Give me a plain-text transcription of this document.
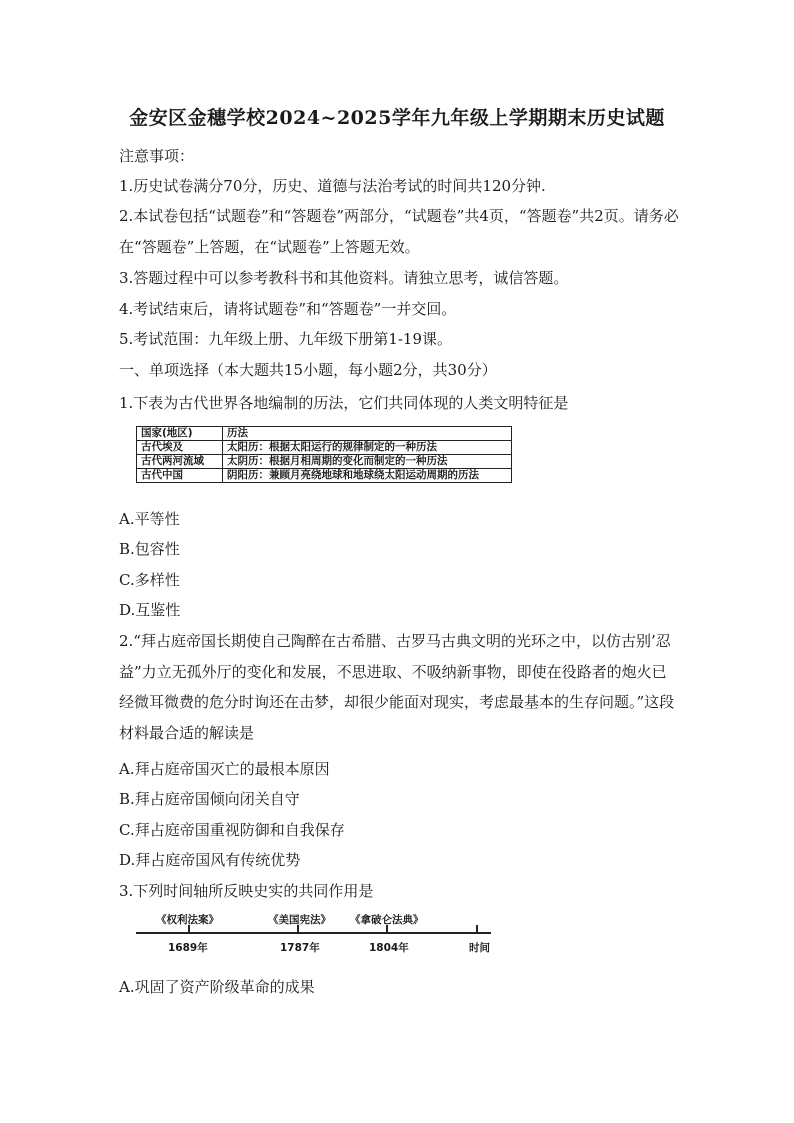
金安区金穗学校2024~2025学年九年级上学期期末历史试题
注意事项：
1.历史试卷满分70分，历史、道德与法治考试的时间共120分钟.
2.本试卷包括“试题卷”和“答题卷”两部分，“试题卷”共4页，“答题卷”共2页。请务必在“答题卷”上答题，在“试题卷”上答题无效。
3.答题过程中可以参考教科书和其他资料。请独立思考，诚信答题。
4.考试结束后，请将试题卷”和“答题卷”一并交回。
5.考试范围：九年级上册、九年级下册第1-19课。
一、单项选择（本大题共15小题，每小题2分，共30分）
1.下表为古代世界各地编制的历法，它们共同体现的人类文明特征是
国家(地区)	历法
古代埃及	太阳历：根据太阳运行的规律制定的一种历法
古代两河流域	太阴历：根据月相周期的变化而制定的一种历法
古代中国	阴阳历：兼顾月亮绕地球和地球绕太阳运动周期的历法
A.平等性
B.包容性
C.多样性
D.互鉴性
2.“拜占庭帝国长期使自己陶醉在古希腊、古罗马古典文明的光环之中，以仿古别’忍益”力立无孤外厅的变化和发展，不思进取、不吸纳新事物，即使在役路者的炮火已经微耳微费的危分时询还在击梦，却很少能面对现实，考虑最基本的生存问题。”这段材料最合适的解读是
A.拜占庭帝国灭亡的最根本原因
B.拜占庭帝国倾向闭关自守
C.拜占庭帝国重视防御和自我保存
D.拜占庭帝国风有传统优势
3.下列时间轴所反映史实的共同作用是
《权利法案》	《美国宪法》 《拿破仑法典》
1689年	1787年	1804年	时间
A.巩固了资产阶级革命的成果
